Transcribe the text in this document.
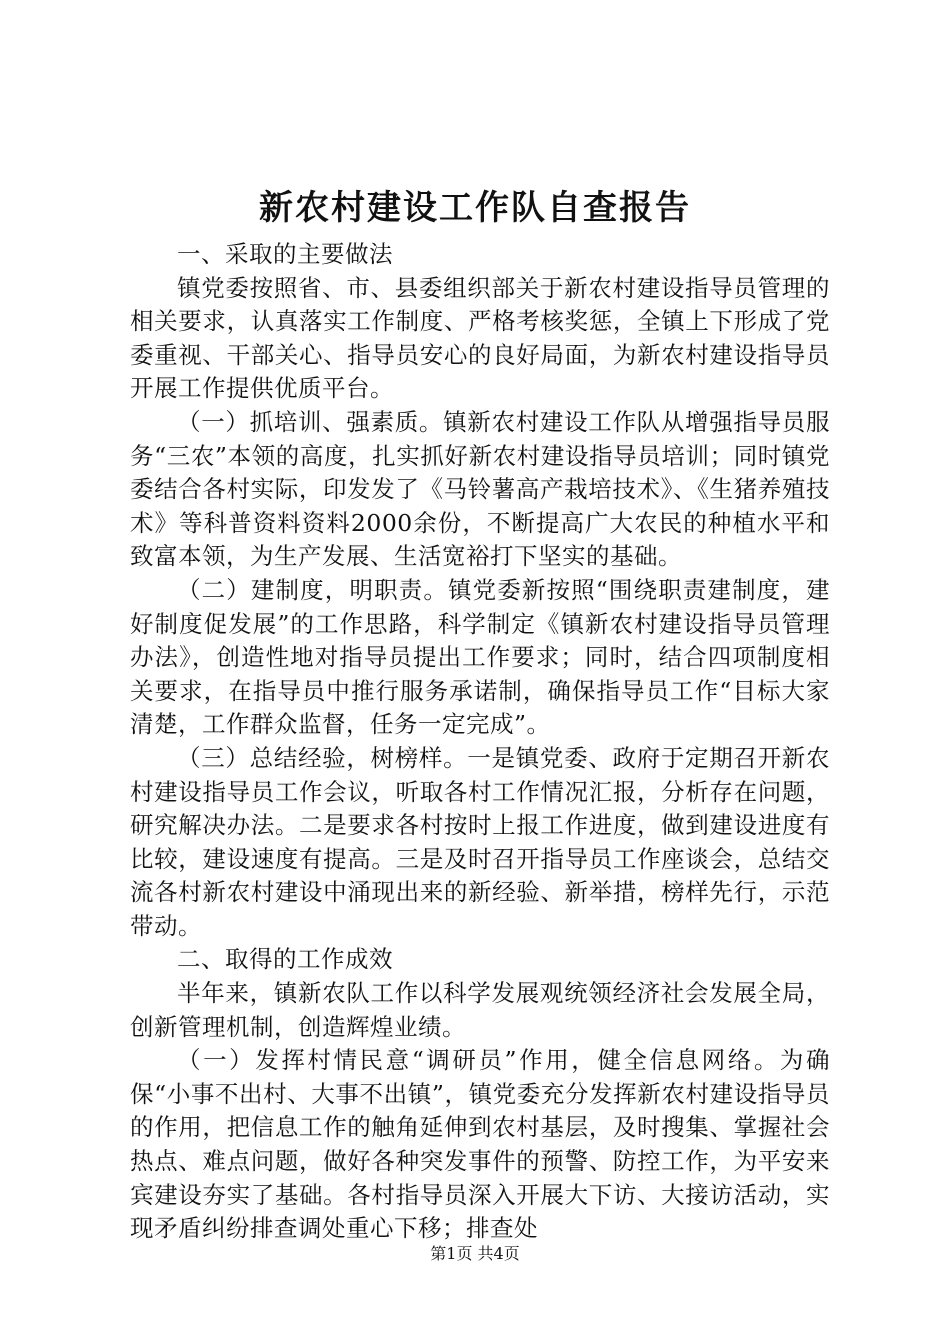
新农村建设工作队自查报告

一、采取的主要做法

镇党委按照省、市、县委组织部关于新农村建设指导员管理的相关要求，认真落实工作制度、严格考核奖惩，全镇上下形成了党委重视、干部关心、指导员安心的良好局面，为新农村建设指导员开展工作提供优质平台。

（一）抓培训、强素质。镇新农村建设工作队从增强指导员服务“三农”本领的高度，扎实抓好新农村建设指导员培训；同时镇党委结合各村实际，印发发了《马铃薯高产栽培技术》、《生猪养殖技术》等科普资料资料2000余份，不断提高广大农民的种植水平和致富本领，为生产发展、生活宽裕打下坚实的基础。

（二）建制度，明职责。镇党委新按照“围绕职责建制度，建好制度促发展”的工作思路，科学制定《镇新农村建设指导员管理办法》，创造性地对指导员提出工作要求；同时，结合四项制度相关要求，在指导员中推行服务承诺制，确保指导员工作“目标大家清楚，工作群众监督，任务一定完成”。

（三）总结经验，树榜样。一是镇党委、政府于定期召开新农村建设指导员工作会议，听取各村工作情况汇报，分析存在问题，研究解决办法。二是要求各村按时上报工作进度，做到建设进度有比较，建设速度有提高。三是及时召开指导员工作座谈会，总结交流各村新农村建设中涌现出来的新经验、新举措，榜样先行，示范带动。

二、取得的工作成效

半年来，镇新农队工作以科学发展观统领经济社会发展全局，创新管理机制，创造辉煌业绩。

（一）发挥村情民意“调研员”作用，健全信息网络。为确保“小事不出村、大事不出镇”，镇党委充分发挥新农村建设指导员的作用，把信息工作的触角延伸到农村基层，及时搜集、掌握社会热点、难点问题，做好各种突发事件的预警、防控工作，为平安来宾建设夯实了基础。各村指导员深入开展大下访、大接访活动，实现矛盾纠纷排查调处重心下移；排查处

第1页 共4页
